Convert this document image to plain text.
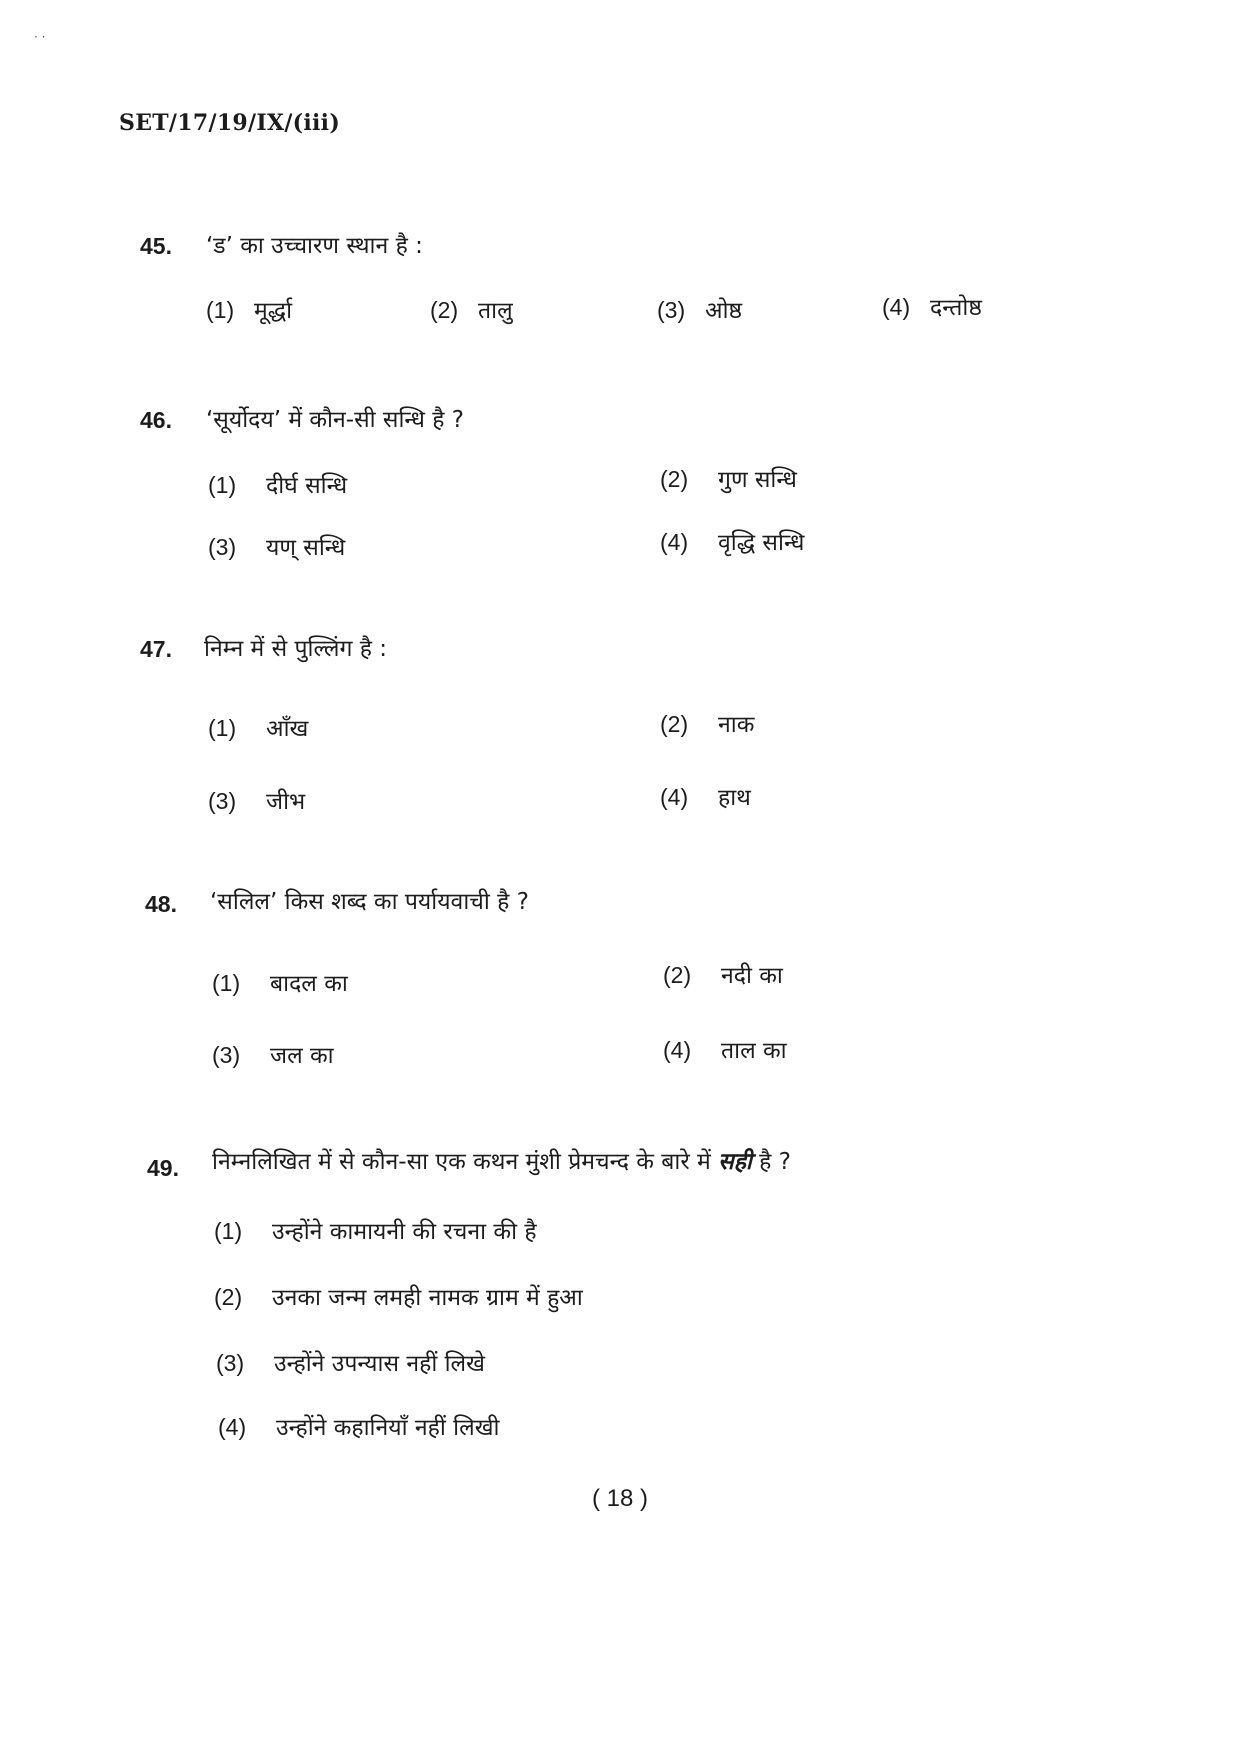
· ·
SET/17/19/IX/(iii)
45. ‘ड’ का उच्चारण स्थान है :
(1) मूर्द्धा	(2) तालु	(3) ओष्ठ	(4) दन्तोष्ठ
46. ‘सूर्योदय’ में कौन-सी सन्धि है ?
(1) दीर्घ सन्धि	(2) गुण सन्धि
(3) यण् सन्धि	(4) वृद्धि सन्धि
47. निम्न में से पुल्लिंग है :
(1) आँख	(2) नाक
(3) जीभ	(4) हाथ
48. ‘सलिल’ किस शब्द का पर्यायवाची है ?
(1) बादल का	(2) नदी का
(3) जल का	(4) ताल का
49. निम्नलिखित में से कौन-सा एक कथन मुंशी प्रेमचन्द के बारे में सही है ?
(1) उन्होंने कामायनी की रचना की है
(2) उनका जन्म लमही नामक ग्राम में हुआ
(3) उन्होंने उपन्यास नहीं लिखे
(4) उन्होंने कहानियाँ नहीं लिखी
( 18 )
